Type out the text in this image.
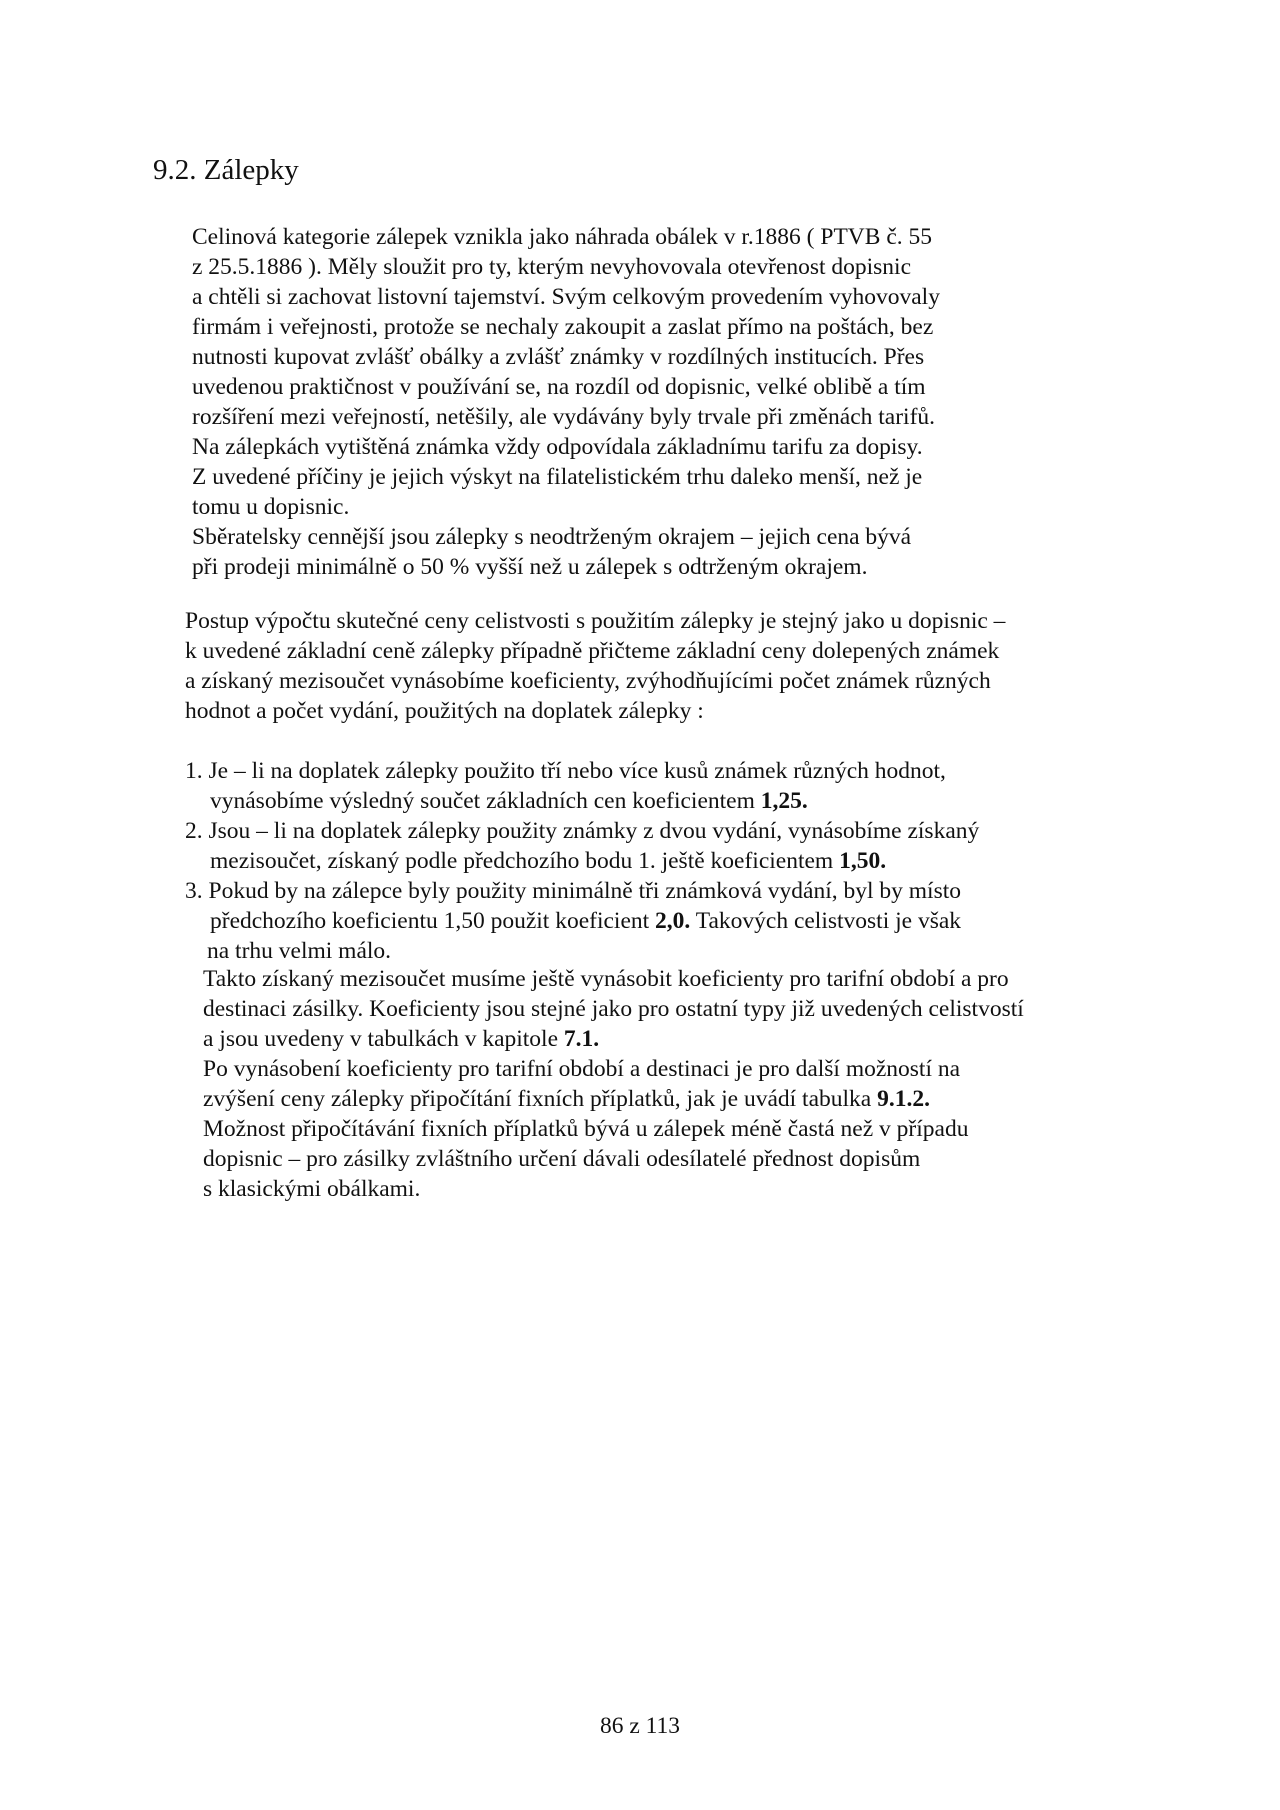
9.2. Zálepky
Celinová kategorie zálepek vznikla jako náhrada obálek v r.1886 ( PTVB č. 55
z 25.5.1886 ). Měly sloužit pro ty, kterým nevyhovovala otevřenost dopisnic
a chtěli si zachovat listovní tajemství. Svým celkovým provedením vyhovovaly
firmám i veřejnosti, protože se nechaly zakoupit a zaslat přímo na poštách, bez
nutnosti kupovat zvlášť obálky a zvlášť známky v rozdílných institucích. Přes
uvedenou praktičnost v používání se, na rozdíl od dopisnic, velké oblibě a tím
rozšíření mezi veřejností, netěšily, ale vydávány byly trvale při změnách tarifů.
Na zálepkách vytištěná známka vždy odpovídala základnímu tarifu za dopisy.
Z uvedené příčiny je jejich výskyt na filatelistickém trhu daleko menší, než je
tomu u dopisnic.
Sběratelsky cennější jsou zálepky s neodtrženým okrajem – jejich cena bývá
při prodeji minimálně o 50 % vyšší než u zálepek s odtrženým okrajem.
Postup výpočtu skutečné ceny celistvosti s použitím zálepky je stejný jako u dopisnic –
k uvedené základní ceně zálepky případně přičteme základní ceny dolepených známek
a získaný mezisoučet vynásobíme koeficienty, zvýhodňujícími počet známek různých
hodnot a počet vydání, použitých na doplatek zálepky :
1. Je – li na doplatek zálepky použito tří nebo více kusů známek různých hodnot,
vynásobíme výsledný součet základních cen koeficientem 1,25.
2. Jsou – li na doplatek zálepky použity známky z dvou vydání, vynásobíme získaný
mezisoučet, získaný podle předchozího bodu 1. ještě koeficientem 1,50.
3. Pokud by na zálepce byly použity minimálně tři známková vydání, byl by místo
předchozího koeficientu 1,50 použit koeficient 2,0. Takových celistvosti je však
na trhu velmi málo.
Takto získaný mezisoučet musíme ještě vynásobit koeficienty pro tarifní období a pro
destinaci zásilky. Koeficienty jsou stejné jako pro ostatní typy již uvedených celistvostí
a jsou uvedeny v tabulkách v kapitole 7.1.
Po vynásobení koeficienty pro tarifní období a destinaci je pro další možností na
zvýšení ceny zálepky připočítání fixních příplatků, jak je uvádí tabulka 9.1.2.
Možnost připočítávání fixních příplatků bývá u zálepek méně častá než v případu
dopisnic – pro zásilky zvláštního určení dávali odesílatelé přednost dopisům
s klasickými obálkami.

86 z 113
